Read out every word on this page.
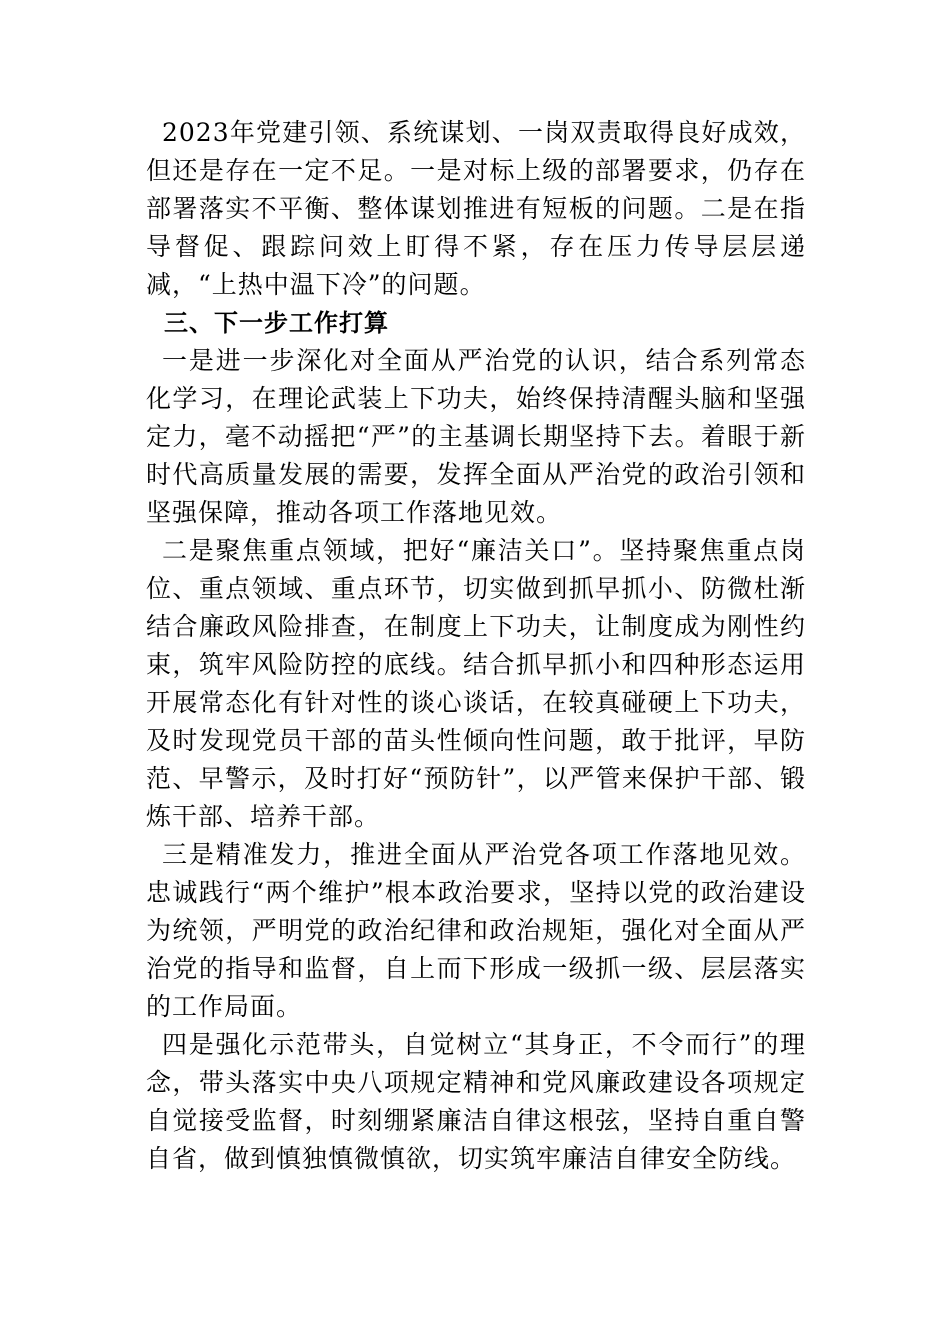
2023年党建引领、系统谋划、一岗双责取得良好成效，但还是存在一定不足。一是对标上级的部署要求，仍存在部署落实不平衡、整体谋划推进有短板的问题。二是在指导督促、跟踪问效上盯得不紧，存在压力传导层层递减，“上热中温下冷”的问题。

三、下一步工作打算

一是进一步深化对全面从严治党的认识，结合系列常态化学习，在理论武装上下功夫，始终保持清醒头脑和坚强定力，毫不动摇把“严”的主基调长期坚持下去。着眼于新时代高质量发展的需要，发挥全面从严治党的政治引领和坚强保障，推动各项工作落地见效。

二是聚焦重点领域，把好“廉洁关口”。坚持聚焦重点岗位、重点领域、重点环节，切实做到抓早抓小、防微杜渐结合廉政风险排查，在制度上下功夫，让制度成为刚性约束，筑牢风险防控的底线。结合抓早抓小和四种形态运用开展常态化有针对性的谈心谈话，在较真碰硬上下功夫，及时发现党员干部的苗头性倾向性问题，敢于批评，早防范、早警示，及时打好“预防针”，以严管来保护干部、锻炼干部、培养干部。

三是精准发力，推进全面从严治党各项工作落地见效。忠诚践行“两个维护”根本政治要求，坚持以党的政治建设为统领，严明党的政治纪律和政治规矩，强化对全面从严治党的指导和监督，自上而下形成一级抓一级、层层落实的工作局面。

四是强化示范带头，自觉树立“其身正，不令而行”的理念，带头落实中央八项规定精神和党风廉政建设各项规定自觉接受监督，时刻绷紧廉洁自律这根弦，坚持自重自警自省，做到慎独慎微慎欲，切实筑牢廉洁自律安全防线。
